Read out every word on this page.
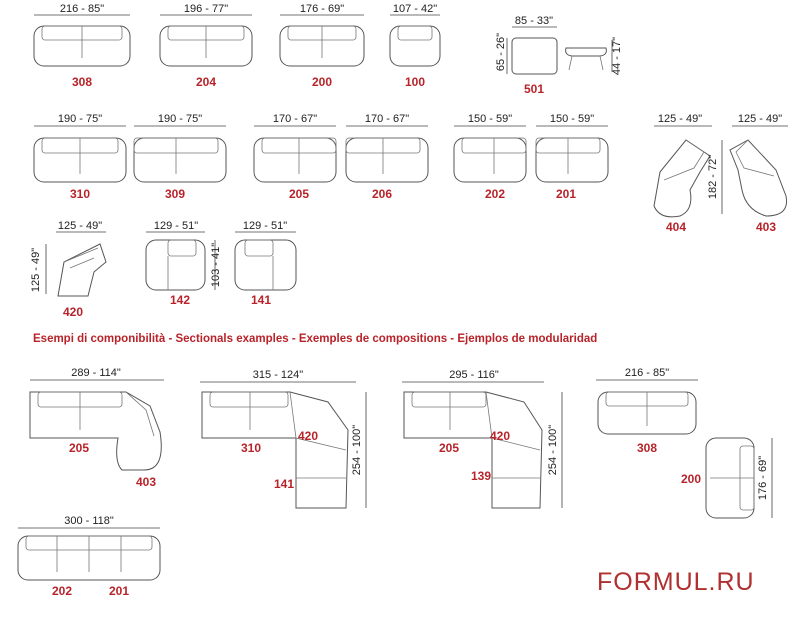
216 - 85"
308
196 - 77"
204
176 - 69"
200
107 - 42"
100
85 - 33"
65 - 26"	44 - 17"
501
190 - 75"
310
190 - 75"
309
170 - 67"
205
170 - 67"
206
150 - 59"
202
150 - 59"
201
125 - 49"
404
182 - 72"
125 - 49"
403
125 - 49"
125 - 49"
420
129 - 51"
142
103 - 41"
129 - 51"
141
289 - 114"
205
403
315 - 124"
254 - 100"
310
420
141
295 - 116"
254 - 100"
205
420
139
216 - 85"
308
176 - 69"
200
300 - 118"
202	201
Esempi di componibilità - Sectionals examples - Exemples de compositions - Ejemplos de modularidad
FORMUL.RU
